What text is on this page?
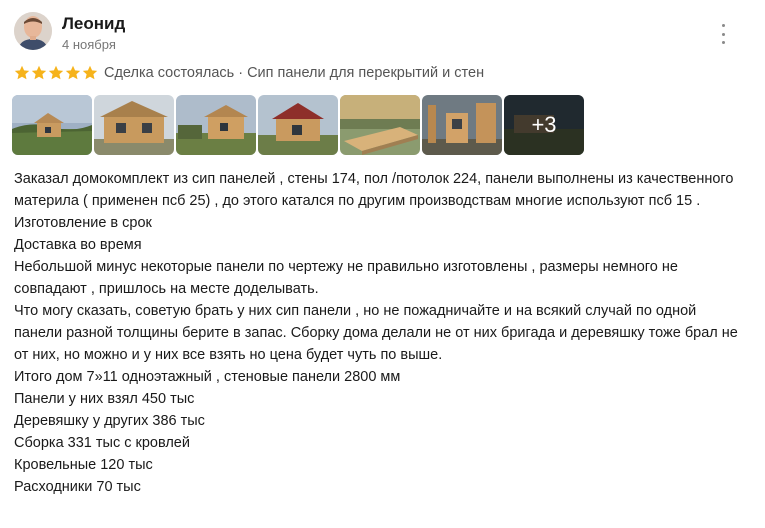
Леонид
4 ноября
Сделка состоялась · Сип панели для перекрытий и стен
+3

Заказал домокомплект из сип панелей , стены 174, пол /потолок 224, панели выполнены из качественного материла ( применен псб 25) , до этого катался по другим производствам многие используют псб 15 .

Изготовление в срок

Доставка во время

Небольшой минус некоторые панели по чертежу не правильно изготовлены , размеры немного не совпадают , пришлось на месте доделывать.

Что могу сказать, советую брать у них сип панели , но не пожадничайте и на всякий случай по одной панели разной толщины берите в запас. Сборку дома делали не от них бригада и деревяшку тоже брал не от них, но можно и у них все взять но цена будет чуть по выше.

Итого дом 7»11 одноэтажный , стеновые панели 2800 мм

Панели у них взял 450 тыс

Деревяшку у других 386 тыс

Сборка 331 тыс с кровлей

Кровельные 120 тыс

Расходники 70 тыс
